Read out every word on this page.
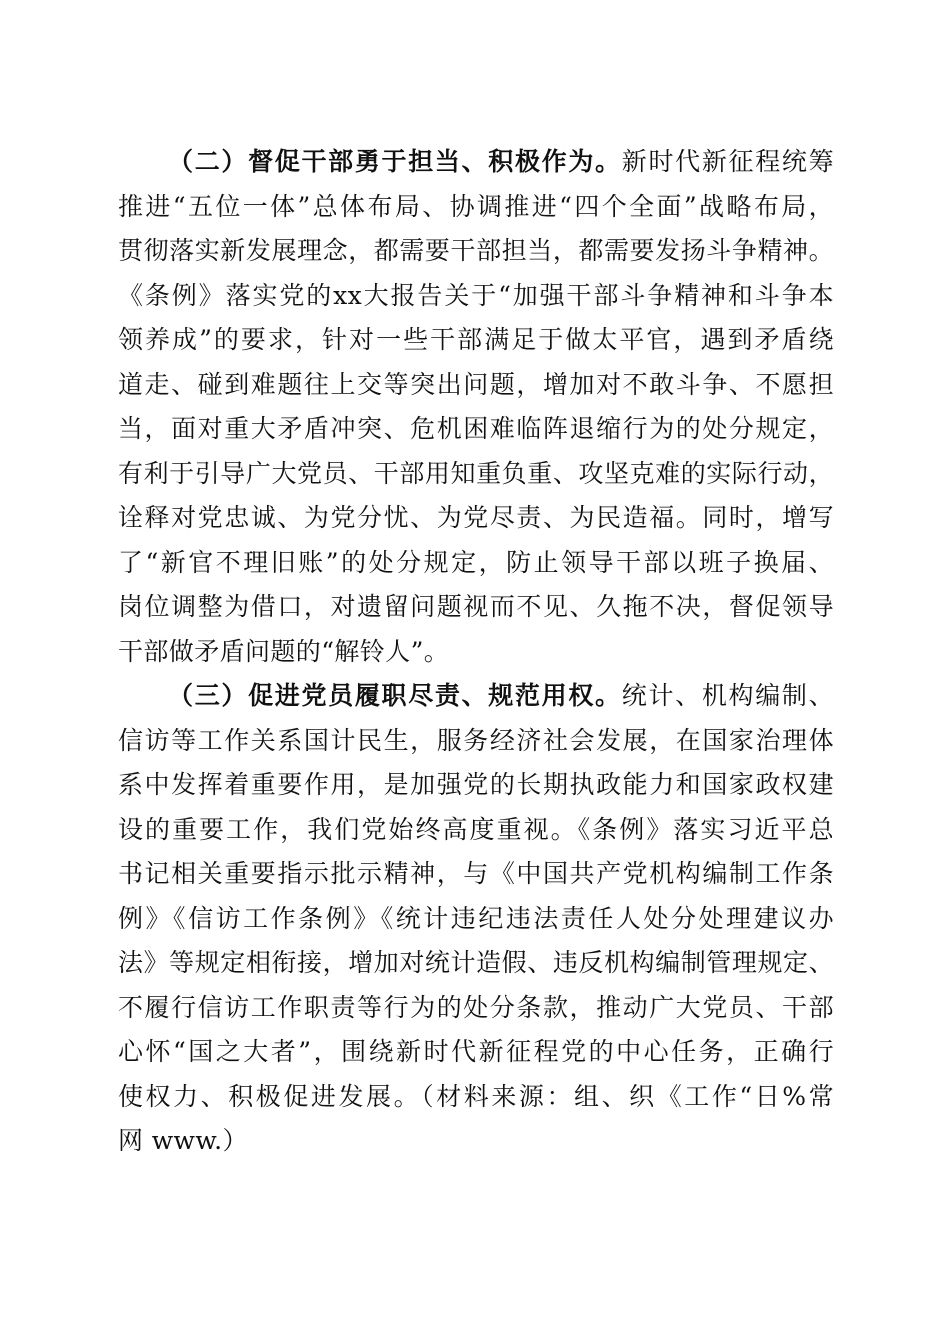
（二）督促干部勇于担当、积极作为。新时代新征程统筹
推进“五位一体”总体布局、协调推进“四个全面”战略布局，
贯彻落实新发展理念，都需要干部担当，都需要发扬斗争精神。
《条例》落实党的xx大报告关于“加强干部斗争精神和斗争本
领养成”的要求，针对一些干部满足于做太平官，遇到矛盾绕
道走、碰到难题往上交等突出问题，增加对不敢斗争、不愿担
当，面对重大矛盾冲突、危机困难临阵退缩行为的处分规定，
有利于引导广大党员、干部用知重负重、攻坚克难的实际行动，
诠释对党忠诚、为党分忧、为党尽责、为民造福。同时，增写
了“新官不理旧账”的处分规定，防止领导干部以班子换届、
岗位调整为借口，对遗留问题视而不见、久拖不决，督促领导
干部做矛盾问题的“解铃人”。
（三）促进党员履职尽责、规范用权。统计、机构编制、
信访等工作关系国计民生，服务经济社会发展，在国家治理体
系中发挥着重要作用，是加强党的长期执政能力和国家政权建
设的重要工作，我们党始终高度重视。《条例》落实习近平总
书记相关重要指示批示精神，与《中国共产党机构编制工作条
例》《信访工作条例》《统计违纪违法责任人处分处理建议办
法》等规定相衔接，增加对统计造假、违反机构编制管理规定、
不履行信访工作职责等行为的处分条款，推动广大党员、干部
心怀“国之大者”，围绕新时代新征程党的中心任务，正确行
使权力、积极促进发展。（材料来源：组、织《工作“日%常
网 www.）
